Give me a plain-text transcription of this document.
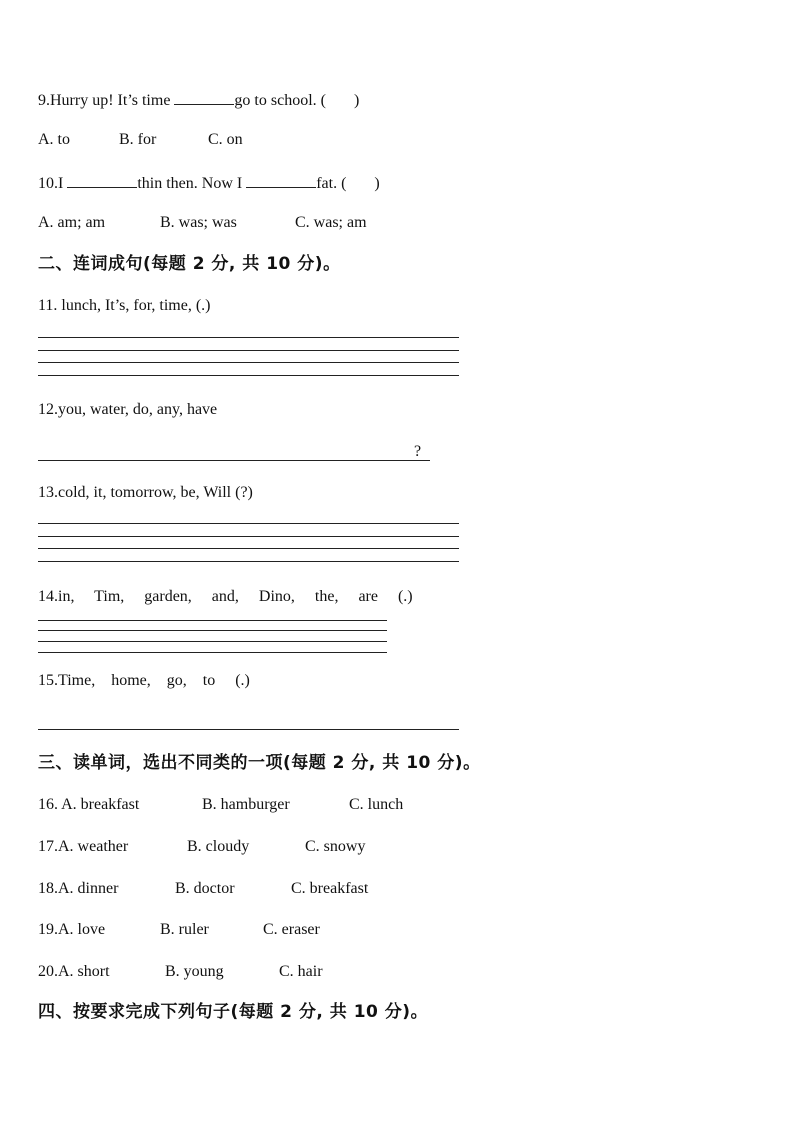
9.Hurry up! It’s time	go to school. (       )
A. to	B. for	C. on
10.I	thin then. Now I	fat. (       )
A. am; am	B. was; was	C. was; am
二、连词成句(每题 2 分, 共 10 分)。
11. lunch, It’s, for, time, (.)
12.you, water, do, any, have
?
13.cold, it, tomorrow, be, Will (?)
14.in,     Tim,     garden,     and,     Dino,     the,     are     (.)
15.Time,    home,    go,    to     (.)
三、读单词，选出不同类的一项(每题 2 分, 共 10 分)。
16. A. breakfast	B. hamburger	C. lunch
17.A. weather	B. cloudy	C. snowy
18.A. dinner	B. doctor	C. breakfast
19.A. love	B. ruler	C. eraser
20.A. short	B. young	C. hair
四、按要求完成下列句子(每题 2 分, 共 10 分)。
